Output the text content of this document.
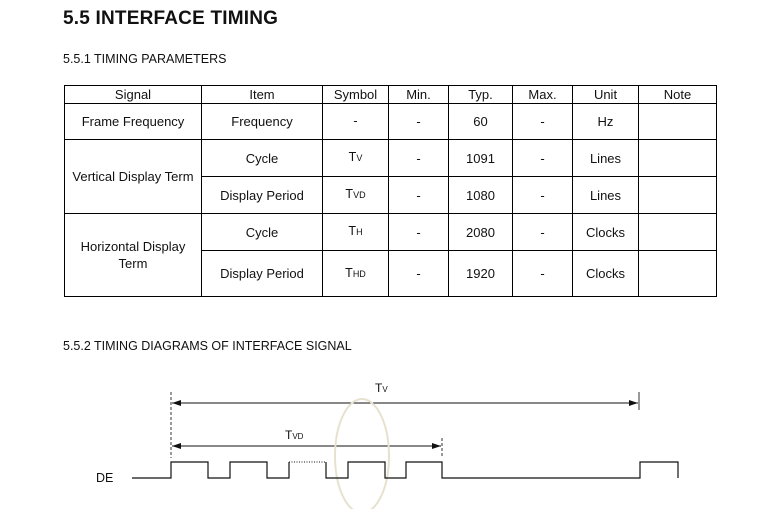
5.5 INTERFACE TIMING
5.5.1 TIMING PARAMETERS
Signal	Item	Symbol	Min.	Typ.	Max.	Unit	Note
Frame Frequency	Frequency	-	-	60	-	Hz	
Vertical Display Term	Cycle	TV	-	1091	-	Lines	
	Display Period	TVD	-	1080	-	Lines	
Horizontal Display Term	Cycle	TH	-	2080	-	Clocks	
	Display Period	THD	-	1920	-	Clocks	
5.5.2 TIMING DIAGRAMS OF INTERFACE SIGNAL
TV
TVD
DE
